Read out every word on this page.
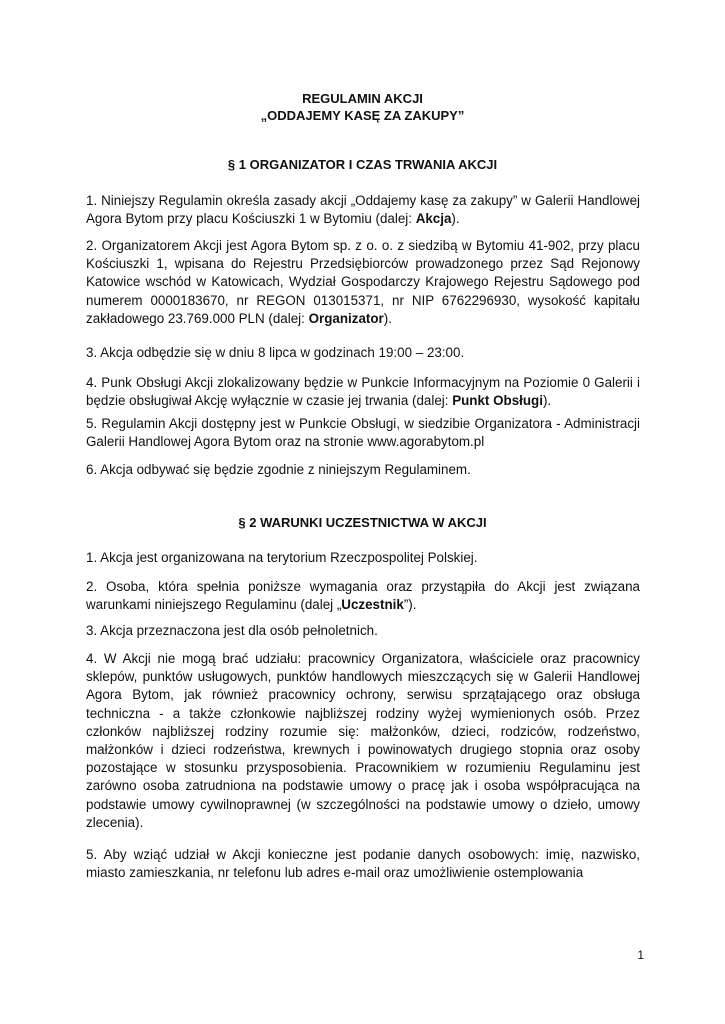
REGULAMIN AKCJI
„ODDAJEMY KASĘ ZA ZAKUPY”
§ 1 ORGANIZATOR I CZAS TRWANIA AKCJI

1. Niniejszy Regulamin określa zasady akcji „Oddajemy kasę za zakupy” w Galerii Handlowej Agora Bytom przy placu Kościuszki 1 w Bytomiu (dalej: Akcja).

2. Organizatorem Akcji jest Agora Bytom sp. z o. o. z siedzibą w Bytomiu 41-902, przy placu Kościuszki 1, wpisana do Rejestru Przedsiębiorców prowadzonego przez Sąd Rejonowy Katowice wschód w Katowicach, Wydział Gospodarczy Krajowego Rejestru Sądowego pod numerem 0000183670, nr REGON 013015371, nr NIP 6762296930, wysokość kapitału zakładowego 23.769.000 PLN (dalej: Organizator).

3. Akcja odbędzie się w dniu 8 lipca w godzinach 19:00 – 23:00.

4. Punk Obsługi Akcji zlokalizowany będzie w Punkcie Informacyjnym na Poziomie 0 Galerii i będzie obsługiwał Akcję wyłącznie w czasie jej trwania (dalej: Punkt Obsługi).

5. Regulamin Akcji dostępny jest w Punkcie Obsługi, w siedzibie Organizatora - Administracji Galerii Handlowej Agora Bytom oraz na stronie www.agorabytom.pl

6. Akcja odbywać się będzie zgodnie z niniejszym Regulaminem.

§ 2 WARUNKI UCZESTNICTWA W AKCJI

1. Akcja jest organizowana na terytorium Rzeczpospolitej Polskiej.

2. Osoba, która spełnia poniższe wymagania oraz przystąpiła do Akcji jest związana warunkami niniejszego Regulaminu (dalej „Uczestnik”).

3. Akcja przeznaczona jest dla osób pełnoletnich.

4. W Akcji nie mogą brać udziału: pracownicy Organizatora, właściciele oraz pracownicy sklepów, punktów usługowych, punktów handlowych mieszczących się w Galerii Handlowej Agora Bytom, jak również pracownicy ochrony, serwisu sprzątającego oraz obsługa techniczna - a także członkowie najbliższej rodziny wyżej wymienionych osób. Przez członków najbliższej rodziny rozumie się: małżonków, dzieci, rodziców, rodzeństwo, małżonków i dzieci rodzeństwa, krewnych i powinowatych drugiego stopnia oraz osoby pozostające w stosunku przysposobienia. Pracownikiem w rozumieniu Regulaminu jest zarówno osoba zatrudniona na podstawie umowy o pracę jak i osoba współpracująca na podstawie umowy cywilnoprawnej (w szczególności na podstawie umowy o dzieło, umowy zlecenia).

5. Aby wziąć udział w Akcji konieczne jest podanie danych osobowych: imię, nazwisko, miasto zamieszkania, nr telefonu lub adres e-mail oraz umożliwienie ostemplowania

1
